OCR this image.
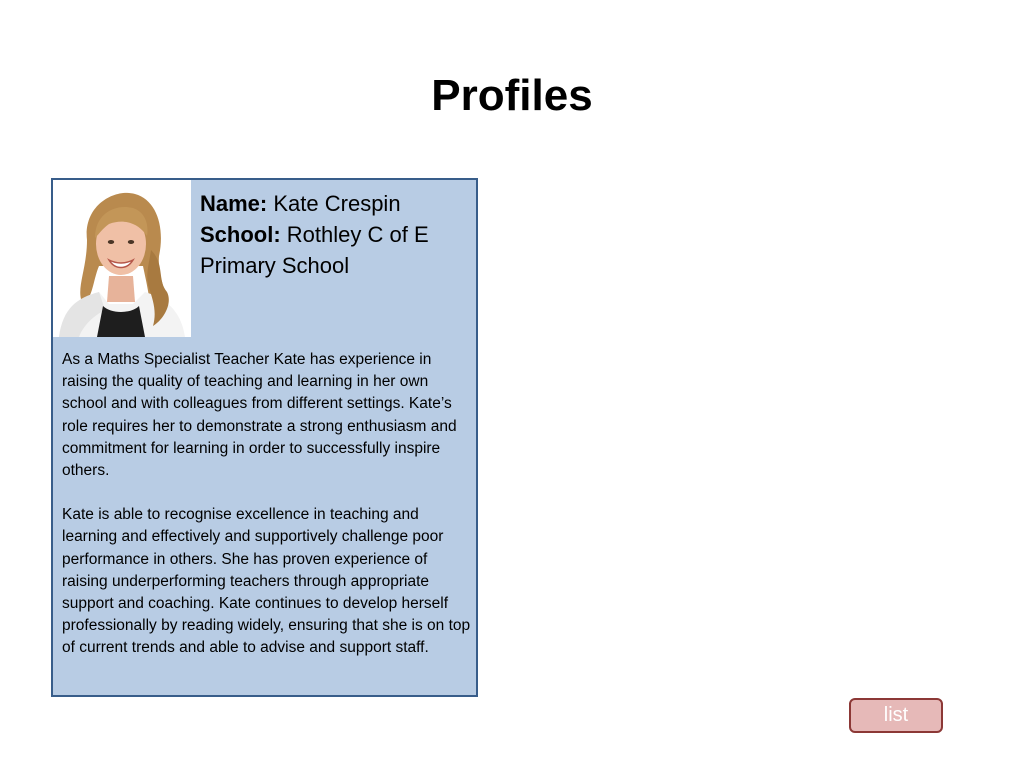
Profiles
Name: Kate Crespin
School: Rothley C of E Primary School

As a Maths Specialist Teacher Kate has experience in raising the quality of teaching and learning in her own school and with colleagues from different settings. Kate’s role requires her to demonstrate a strong enthusiasm and commitment for learning in order to successfully inspire others.

Kate is able to recognise excellence in teaching and learning and effectively and supportively challenge poor performance in others. She has proven experience of raising underperforming teachers through appropriate support and coaching. Kate continues to develop herself professionally by reading widely, ensuring that she is on top of current trends and able to advise and support staff.

list
